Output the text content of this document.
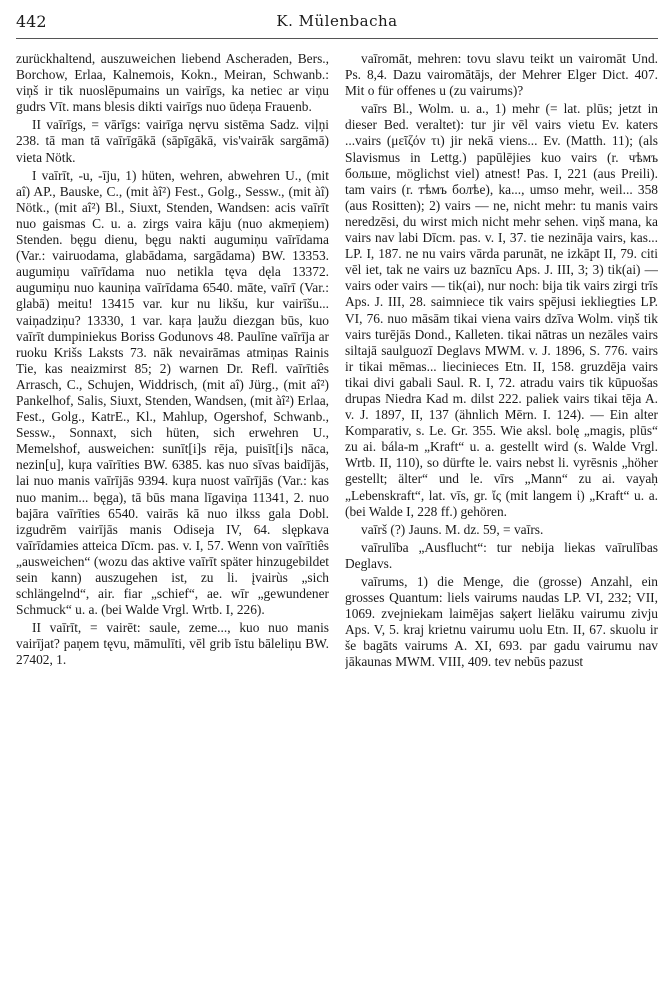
442	K. Mülenbacha

zurückhaltend, auszuweichen liebend Ascheraden, Bers., Borchow, Erlaa, Kalnemois, Kokn., Meiran, Schwanb.: viņš ir tik nuoslēpumains un vairīgs, ka netiec ar viņu gudrs Vīt. mans blesis dikti vairīgs nuo ūdeņa Frauenb.

II vaīrīgs, = vārīgs: vairīga nęrvu sistēma Sadz. viļņi 238. tā man tā vaīrīgākā (sāpīgākā, vis'vairāk sargāmā) vieta Nötk.

I vaīrīt, -u, -īju, 1) hüten, wehren, abwehren U., (mit aî) AP., Bauske, C., (mit àî²) Fest., Golg., Sessw., (mit àî) Nötk., (mit aî²) Bl., Siuxt, Stenden, Wandsen: acis vaīrīt nuo gaismas C. u. a. zirgs vaira kāju (nuo akmeņiem) Stenden. bęgu dienu, bęgu nakti augumiņu vaīrīdama (Var.: vairuodama, glabādama, sargādama) BW. 13353. augumiņu vaīrīdama nuo netikla tęva dęla 13372. augumiņu nuo kauniņa vaīrīdama 6540. māte, vaīrī (Var.: glabā) meitu! 13415 var. kur nu likšu, kur vairīšu... vaiņadziņu? 13330, 1 var. kaŗa ļaužu diezgan būs, kuo vaīrīt dumpiniekus Boriss Godunovs 48. Paulīne vaīrīja ar ruoku Krišs Laksts 73. nāk nevairāmas atmiņas Rainis Tie, kas neaizmirst 85; 2) warnen Dr. Refl. vaīrītiês Arrasch, C., Schujen, Widdrisch, (mit aî) Jürg., (mit aî²) Pankelhof, Salis, Siuxt, Stenden, Wandsen, (mit àî²) Erlaa, Fest., Golg., KatrE., Kl., Mahlup, Ogershof, Schwanb., Sessw., Sonnaxt, sich hüten, sich erwehren U., Memelshof, ausweichen: sunīt[i]s rēja, puisīt[i]s nāca, nezin[u], kuŗa vaīrīties BW. 6385. kas nuo sīvas baidījās, lai nuo manis vaīrījās 9394. kuŗa nuost vaīrījās (Var.: kas nuo manim... bęga), tā būs mana līgaviņa 11341, 2. nuo bajāra vaīrīties 6540. vairās kā nuo ilkss gala Dobl. izgudrēm vairījās manis Odiseja IV, 64. slępkava vaīrīdamies atteica Dīcm. pas. v. I, 57. Wenn von vaīrītiês „ausweichen“ (wozu das aktive vaīrīt später hinzugebildet sein kann) auszugehen ist, zu li. įvairùs „sich schlängelnd“, air. fiar „schief“, ae. wīr „gewundener Schmuck“ u. a. (bei Walde Vrgl. Wrtb. I, 226).

II vaīrīt, = vairēt: saule, zeme..., kuo nuo manis vairījat? paņem tęvu, māmulīti, vēl grib īstu bāleliņu BW. 27402, 1.

vaīromāt, mehren: tovu slavu teikt un vairomāt Und. Ps. 8,4. Dazu vairomātājs, der Mehrer Elger Dict. 407. Mit o für offenes u (zu vairums)?

vaīrs Bl., Wolm. u. a., 1) mehr (= lat. plūs; jetzt in dieser Bed. veraltet): tur jir vēl vairs vietu Ev. katers ...vairs (μεῖζόν τι) jir nekā viens... Ev. (Matth. 11); (als Slavismus in Lettg.) papūlējies kuo vairs (r. чѣмъ больше, möglichst viel) atnest! Pas. I, 221 (aus Preili). tam vairs (r. тѣмъ болѣе), ka..., umso mehr, weil... 358 (aus Rositten); 2) vairs — ne, nicht mehr: tu manis vairs neredzēsi, du wirst mich nicht mehr sehen. viņš mana, ka vairs nav labi Dīcm. pas. v. I, 37. tie nezināja vairs, kas... LP. I, 187. ne nu vairs vārda parunāt, ne izkāpt II, 79. citi vēl iet, tak ne vairs uz baznīcu Aps. J. III, 3; 3) tik(ai) — vairs oder vairs — tik(ai), nur noch: bija tik vairs zirgi trīs Aps. J. III, 28. saimniece tik vairs spējusi iekliegties LP. VI, 76. nuo māsām tikai viena vairs dzīva Wolm. viņš tik vairs turējās Dond., Kalleten. tikai nātras un nezāles vairs siltajā saulguozī Deglavs MWM. v. J. 1896, S. 776. vairs ir tikai mēmas... liecinieces Etn. II, 158. gruzdēja vairs tikai divi gabali Saul. R. I, 72. atradu vairs tik kūpuošas drupas Niedra Kad m. dilst 222. paliek vairs tikai tēja A. v. J. 1897, II, 137 (ähnlich Mērn. I. 124). — Ein alter Komparativ, s. Le. Gr. 355. Wie aksl. bolę „magis, plūs“ zu ai. bála-m „Kraft“ u. a. gestellt wird (s. Walde Vrgl. Wrtb. II, 110), so dürfte le. vairs nebst li. vyrēsnis „höher gestellt; älter“ und le. vīrs „Mann“ zu ai. vayaḥ „Lebenskraft“, lat. vīs, gr. ἴς (mit langem ἰ) „Kraft“ u. a. (bei Walde I, 228 ff.) gehören.

vaīrš (?) Jauns. M. dz. 59, = vaīrs.

vaīrulība „Ausflucht“: tur nebija liekas vaīrulības Deglavs.

vaīrums, 1) die Menge, die (grosse) Anzahl, ein grosses Quantum: liels vairums naudas LP. VI, 232; VII, 1069. zvejniekam laimējas saķert lielāku vairumu zivju Aps. V, 5. kraj krietnu vairumu uolu Etn. II, 67. skuolu ir še bagāts vairums A. XI, 693. par gadu vairumu nav jākaunas MWM. VIII, 409. tev nebūs pazust
